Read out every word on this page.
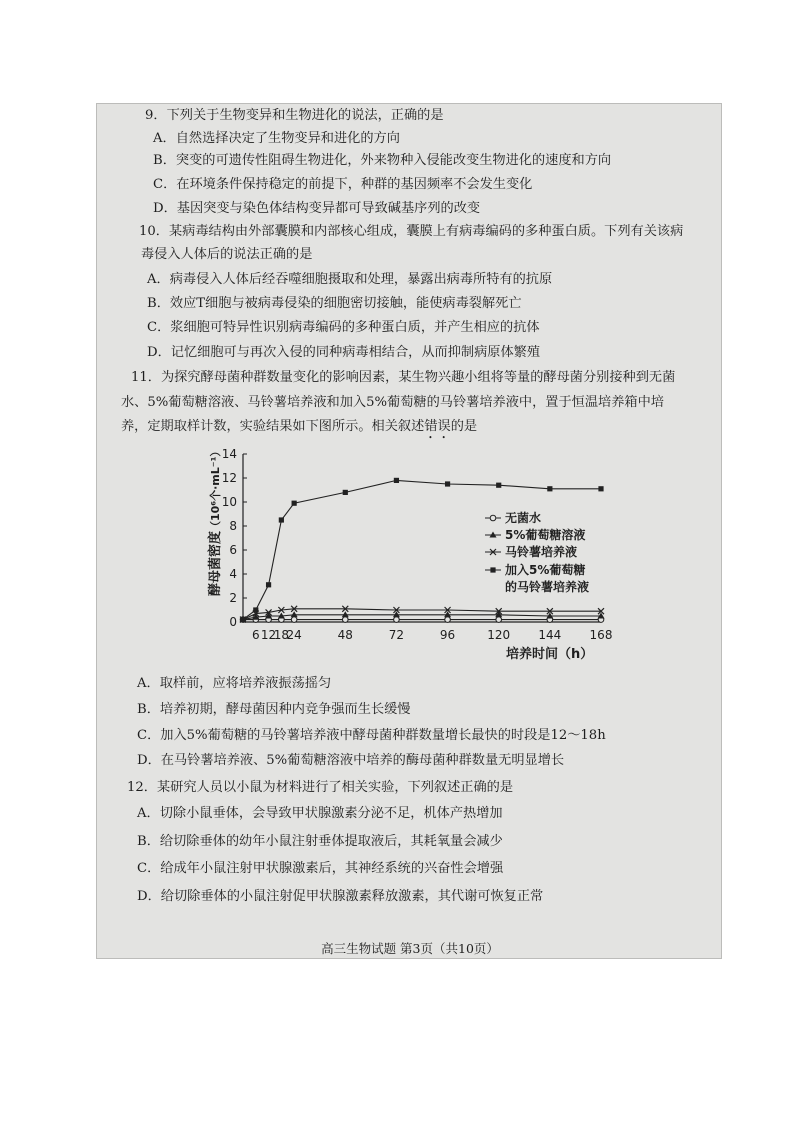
9．下列关于生物变异和生物进化的说法，正确的是
A．自然选择决定了生物变异和进化的方向
B．突变的可遗传性阻碍生物进化，外来物种入侵能改变生物进化的速度和方向
C．在环境条件保持稳定的前提下，种群的基因频率不会发生变化
D．基因突变与染色体结构变异都可导致碱基序列的改变
10．某病毒结构由外部囊膜和内部核心组成，囊膜上有病毒编码的多种蛋白质。下列有关该病
毒侵入人体后的说法正确的是
A．病毒侵入人体后经吞噬细胞摄取和处理，暴露出病毒所特有的抗原
B．效应T细胞与被病毒侵染的细胞密切接触，能使病毒裂解死亡
C．浆细胞可特异性识别病毒编码的多种蛋白质，并产生相应的抗体
D．记忆细胞可与再次入侵的同种病毒相结合，从而抑制病原体繁殖
11．为探究酵母菌种群数量变化的影响因素，某生物兴趣小组将等量的酵母菌分别接种到无菌
水、5%葡萄糖溶液、马铃薯培养液和加入5%葡萄糖的马铃薯培养液中，置于恒温培养箱中培
养，定期取样计数，实验结果如下图所示。相关叙述错误的是
0
2
4
6
8
10
12
14
6 12
18
24	48	72	96	120 144 168
酵母菌密度
（10⁶个·mL⁻¹）
培养时间（h）
无菌水
5%葡萄糖溶液
马铃薯培养液
加入5%葡萄糖
的马铃薯培养液
A．取样前，应将培养液振荡摇匀
B．培养初期，酵母菌因种内竞争强而生长缓慢
C．加入5%葡萄糖的马铃薯培养液中酵母菌种群数量增长最快的时段是12～18h
D．在马铃薯培养液、5%葡萄糖溶液中培养的酶母菌种群数量无明显增长
12．某研究人员以小鼠为材料进行了相关实验，下列叙述正确的是
A．切除小鼠垂体，会导致甲状腺激素分泌不足，机体产热增加
B．给切除垂体的幼年小鼠注射垂体提取液后，其耗氧量会减少
C．给成年小鼠注射甲状腺激素后，其神经系统的兴奋性会增强
D．给切除垂体的小鼠注射促甲状腺激素释放激素，其代谢可恢复正常
高三生物试题 第3页（共10页）
